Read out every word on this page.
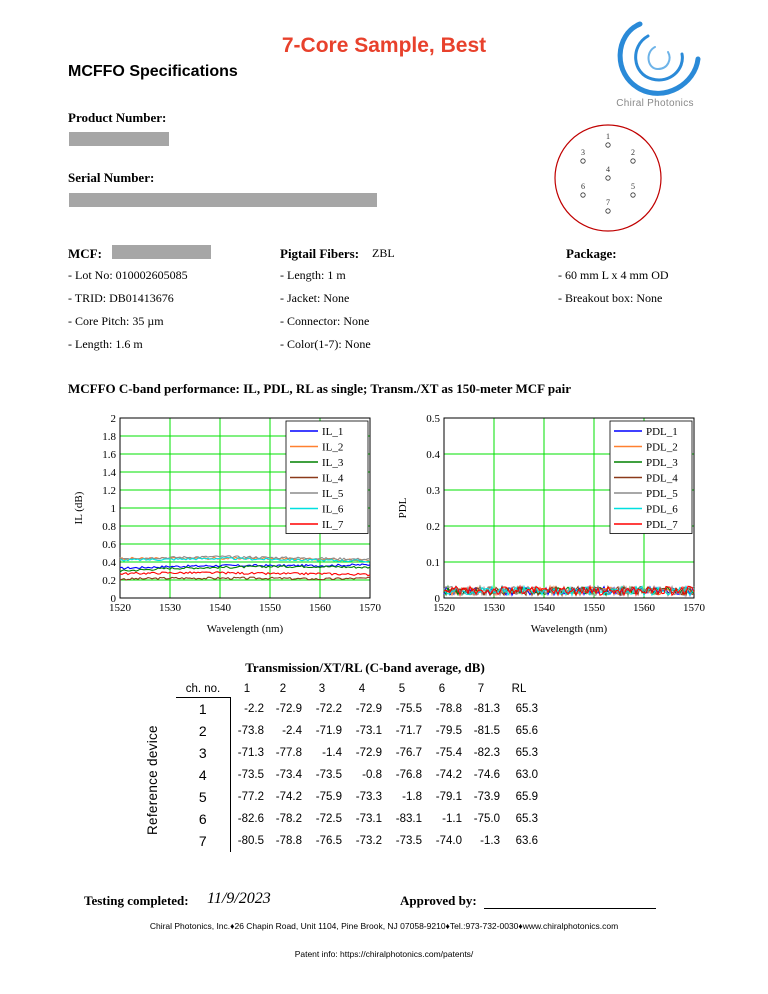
7-Core Sample, Best
MCFFO Specifications
Chiral Photonics
1
2
3
4
5
6
7
Product Number:
Serial Number:
MCF:
- Lot No: 010002605085
- TRID: DB01413676
- Core Pitch: 35 µm
- Length: 1.6 m
Pigtail Fibers: ZBL
- Length: 1 m
- Jacket: None
- Connector: None
- Color(1-7): None
Package:
- 60 mm L x 4 mm OD
- Breakout box: None
MCFFO C-band performance: IL, PDL, RL as single; Transm./XT as 150-meter MCF pair
1520	1530	1540	1550	1560	1570
0
0.2
0.4
0.6
0.8
1
1.2
1.4
1.6
1.8
2
IL_1
IL_2
IL_3
IL_4
IL_5
IL_6
IL_7
Wavelength (nm)
IL (dB)
1520	1530	1540	1550	1560	1570
0
0.1
0.2
0.3
0.4
0.5
PDL_1
PDL_2
PDL_3
PDL_4
PDL_5
PDL_6
PDL_7
Wavelength (nm)
PDL
Transmission/XT/RL (C-band average, dB)
Reference device
ch. no.	1	2	3	4	5	6	7	RL
1	-2.2	-72.9	-72.2	-72.9	-75.5	-78.8	-81.3	65.3
2	-73.8	-2.4	-71.9	-73.1	-71.7	-79.5	-81.5	65.6
3	-71.3	-77.8	-1.4	-72.9	-76.7	-75.4	-82.3	65.3
4	-73.5	-73.4	-73.5	-0.8	-76.8	-74.2	-74.6	63.0
5	-77.2	-74.2	-75.9	-73.3	-1.8	-79.1	-73.9	65.9
6	-82.6	-78.2	-72.5	-73.1	-83.1	-1.1	-75.0	65.3
7	-80.5	-78.8	-76.5	-73.2	-73.5	-74.0	-1.3	63.6
Testing completed: 11/9/2023	Approved by:
Chiral Photonics, Inc.♦26 Chapin Road, Unit 1104, Pine Brook, NJ 07058-9210♦Tel.:973-732-0030♦www.chiralphotonics.com
Patent info: https://chiralphotonics.com/patents/
